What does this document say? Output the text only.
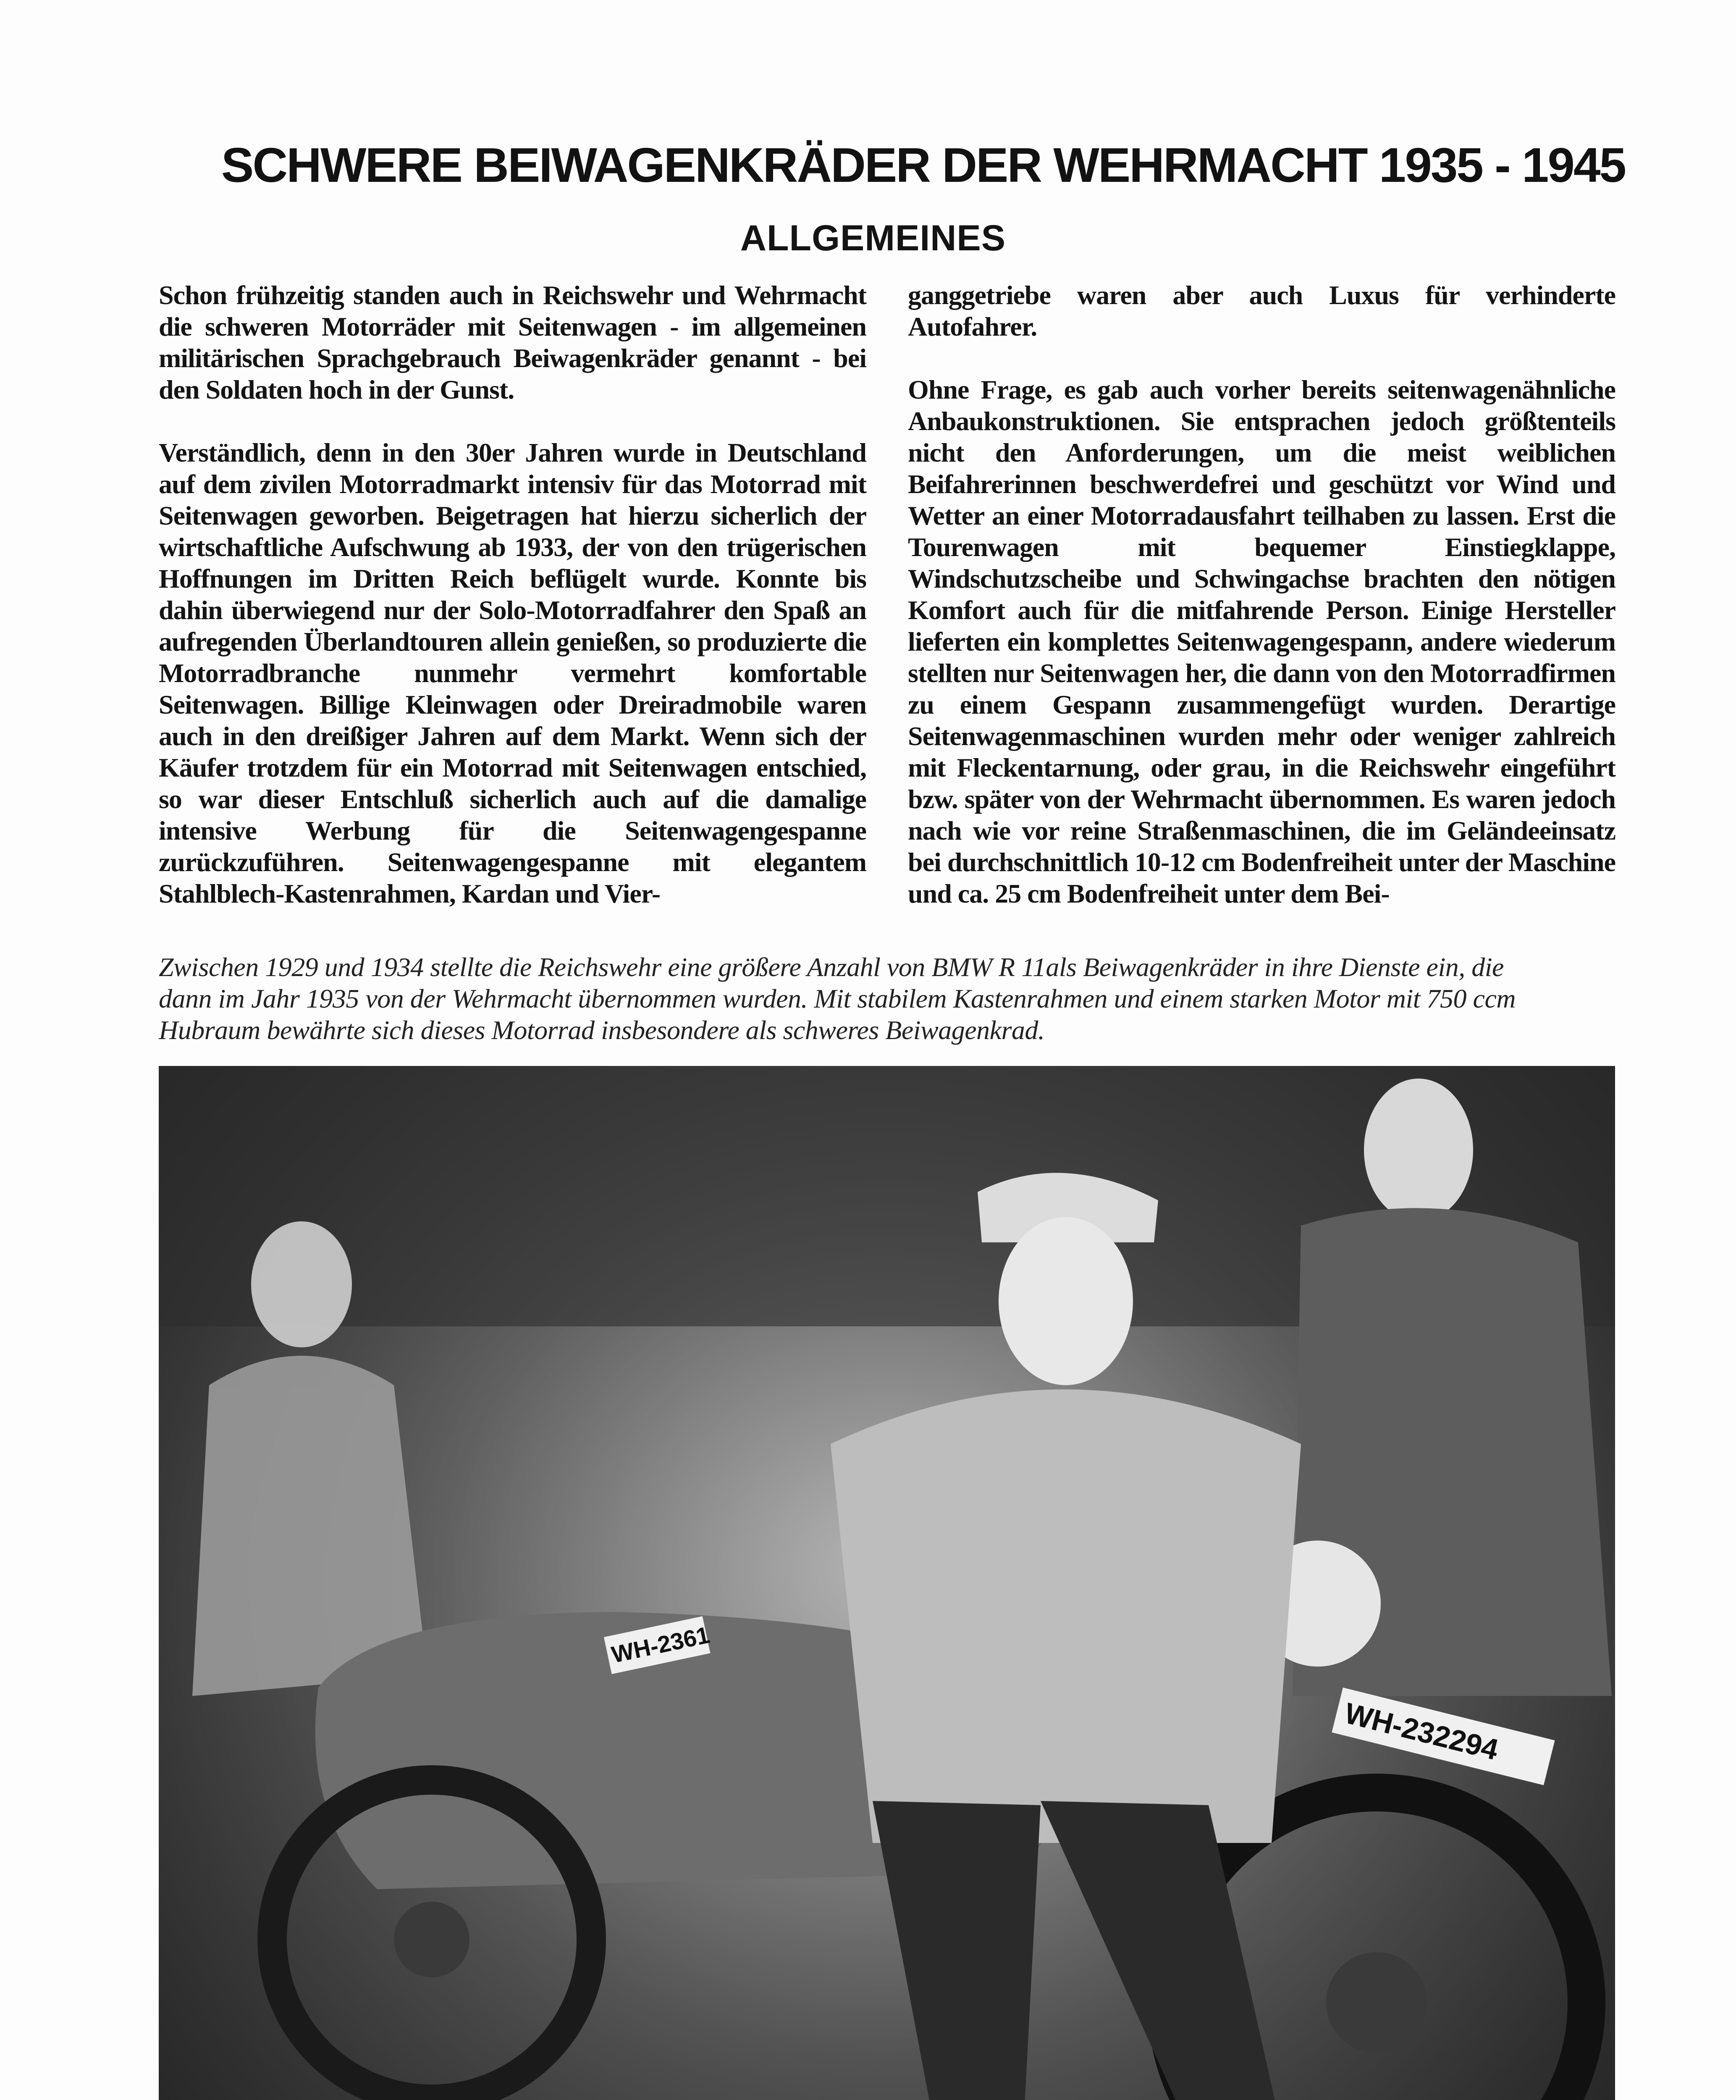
SCHWERE BEIWAGENKRÄDER DER WEHRMACHT 1935 - 1945
ALLGEMEINES

Schon frühzeitig standen auch in Reichswehr und Wehrmacht die schweren Motorräder mit Seitenwagen - im allgemeinen militärischen Sprachgebrauch Beiwagenkräder genannt - bei den Soldaten hoch in der Gunst.

Verständlich, denn in den 30er Jahren wurde in Deutschland auf dem zivilen Motorradmarkt intensiv für das Motorrad mit Seitenwagen geworben. Beigetragen hat hierzu sicherlich der wirtschaftliche Aufschwung ab 1933, der von den trügerischen Hoffnungen im Dritten Reich beflügelt wurde. Konnte bis dahin überwiegend nur der Solo-Motorradfahrer den Spaß an aufregenden Überlandtouren allein genießen, so produzierte die Motorradbranche nunmehr vermehrt komfortable Seitenwagen. Billige Kleinwagen oder Dreiradmobile waren auch in den dreißiger Jahren auf dem Markt. Wenn sich der Käufer trotzdem für ein Motorrad mit Seitenwagen entschied, so war dieser Entschluß sicherlich auch auf die damalige intensive Werbung für die Seitenwagengespanne zurückzuführen. Seitenwagengespanne mit elegantem Stahlblech-Kastenrahmen, Kardan und Vier-

ganggetriebe waren aber auch Luxus für verhinderte Autofahrer.

Ohne Frage, es gab auch vorher bereits seitenwagenähnliche Anbaukonstruktionen. Sie entsprachen jedoch größtenteils nicht den Anforderungen, um die meist weiblichen Beifahrerinnen beschwerdefrei und geschützt vor Wind und Wetter an einer Motorradausfahrt teilhaben zu lassen. Erst die Tourenwagen mit bequemer Einstiegklappe, Windschutzscheibe und Schwingachse brachten den nötigen Komfort auch für die mitfahrende Person. Einige Hersteller lieferten ein komplettes Seitenwagengespann, andere wiederum stellten nur Seitenwagen her, die dann von den Motorradfirmen zu einem Gespann zusammengefügt wurden. Derartige Seitenwagenmaschinen wurden mehr oder weniger zahlreich mit Fleckentarnung, oder grau, in die Reichswehr eingeführt bzw. später von der Wehrmacht übernommen. Es waren jedoch nach wie vor reine Straßenmaschinen, die im Geländeeinsatz bei durchschnittlich 10-12 cm Bodenfreiheit unter der Maschine und ca. 25 cm Bodenfreiheit unter dem Bei-

Zwischen 1929 und 1934 stellte die Reichswehr eine größere Anzahl von BMW R 11als Beiwagenkräder in ihre Dienste ein, die
dann im Jahr 1935 von der Wehrmacht übernommen wurden. Mit stabilem Kastenrahmen und einem starken Motor mit 750 ccm
Hubraum bewährte sich dieses Motorrad insbesondere als schweres Beiwagenkrad.
WH-232294
WH-2361
